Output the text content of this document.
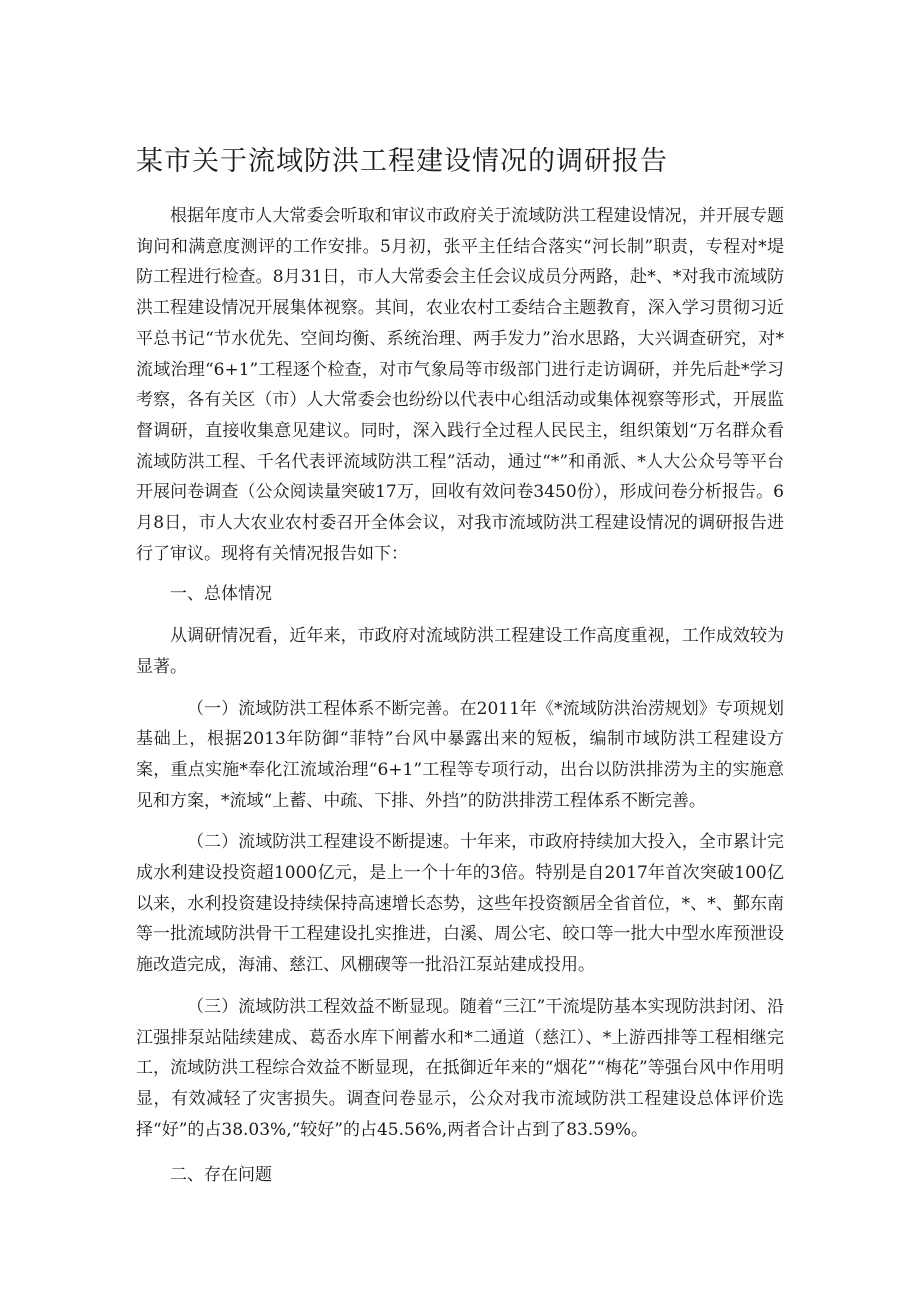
某市关于流域防洪工程建设情况的调研报告

根据年度市人大常委会听取和审议市政府关于流域防洪工程建设情况，并开展专题询问和满意度测评的工作安排。5月初，张平主任结合落实“河长制”职责，专程对*堤防工程进行检查。8月31日，市人大常委会主任会议成员分两路，赴*、*对我市流域防洪工程建设情况开展集体视察。其间，农业农村工委结合主题教育，深入学习贯彻习近平总书记“节水优先、空间均衡、系统治理、两手发力”治水思路，大兴调查研究，对*流域治理“6+1”工程逐个检查，对市气象局等市级部门进行走访调研，并先后赴*学习考察，各有关区（市）人大常委会也纷纷以代表中心组活动或集体视察等形式，开展监督调研，直接收集意见建议。同时，深入践行全过程人民民主，组织策划“万名群众看流域防洪工程、千名代表评流域防洪工程”活动，通过“*”和甬派、*人大公众号等平台开展问卷调查（公众阅读量突破17万，回收有效问卷3450份），形成问卷分析报告。6月8日，市人大农业农村委召开全体会议，对我市流域防洪工程建设情况的调研报告进行了审议。现将有关情况报告如下：

一、总体情况

从调研情况看，近年来，市政府对流域防洪工程建设工作高度重视，工作成效较为显著。

（一）流域防洪工程体系不断完善。在2011年《*流域防洪治涝规划》专项规划基础上，根据2013年防御“菲特”台风中暴露出来的短板，编制市域防洪工程建设方案，重点实施*奉化江流域治理“6+1”工程等专项行动，出台以防洪排涝为主的实施意见和方案，*流域“上蓄、中疏、下排、外挡”的防洪排涝工程体系不断完善。

（二）流域防洪工程建设不断提速。十年来，市政府持续加大投入，全市累计完成水利建设投资超1000亿元，是上一个十年的3倍。特别是自2017年首次突破100亿以来，水利投资建设持续保持高速增长态势，这些年投资额居全省首位，*、*、鄞东南等一批流域防洪骨干工程建设扎实推进，白溪、周公宅、皎口等一批大中型水库预泄设施改造完成，海浦、慈江、风棚碶等一批沿江泵站建成投用。

（三）流域防洪工程效益不断显现。随着“三江”干流堤防基本实现防洪封闭、沿江强排泵站陆续建成、葛岙水库下闸蓄水和*二通道（慈江）、*上游西排等工程相继完工，流域防洪工程综合效益不断显现，在抵御近年来的“烟花”“梅花”等强台风中作用明显，有效减轻了灾害损失。调查问卷显示，公众对我市流域防洪工程建设总体评价选择“好”的占38.03%,“较好”的占45.56%,两者合计占到了83.59%。

二、存在问题
